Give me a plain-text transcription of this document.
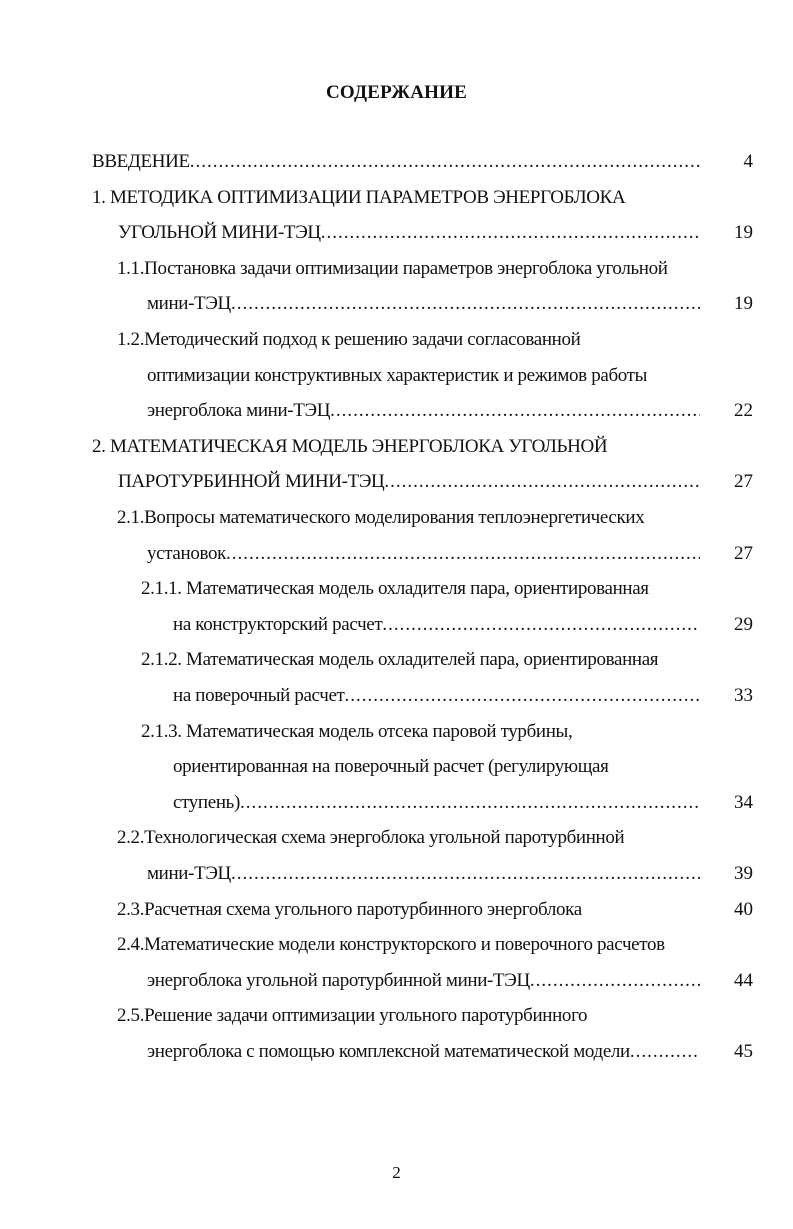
СОДЕРЖАНИЕ
ВВЕДЕНИЕ .....	4
1. МЕТОДИКА ОПТИМИЗАЦИИ ПАРАМЕТРОВ ЭНЕРГОБЛОКА
УГОЛЬНОЙ МИНИ-ТЭЦ .....	19
1.1.Постановка задачи оптимизации параметров энергоблока угольной
мини-ТЭЦ .....	19
1.2.Методический подход к решению задачи согласованной
оптимизации конструктивных характеристик и режимов работы
энергоблока мини-ТЭЦ .....	22
2. МАТЕМАТИЧЕСКАЯ МОДЕЛЬ ЭНЕРГОБЛОКА УГОЛЬНОЙ
ПАРОТУРБИННОЙ МИНИ-ТЭЦ .....	27
2.1.Вопросы математического моделирования теплоэнергетических
установок .....	27
2.1.1. Математическая модель охладителя пара, ориентированная
на конструкторский расчет .....	29
2.1.2. Математическая модель охладителей пара, ориентированная
на поверочный расчет .....	33
2.1.3. Математическая модель отсека паровой турбины,
ориентированная на поверочный расчет (регулирующая
ступень) .....	34
2.2.Технологическая схема энергоблока угольной паротурбинной
мини-ТЭЦ .....	39
2.3.Расчетная схема угольного паротурбинного энергоблока	40
2.4.Математические модели конструкторского и поверочного расчетов
энергоблока угольной паротурбинной мини-ТЭЦ .....	44
2.5.Решение задачи оптимизации угольного паротурбинного
энергоблока с помощью комплексной математической модели .....	45
2
